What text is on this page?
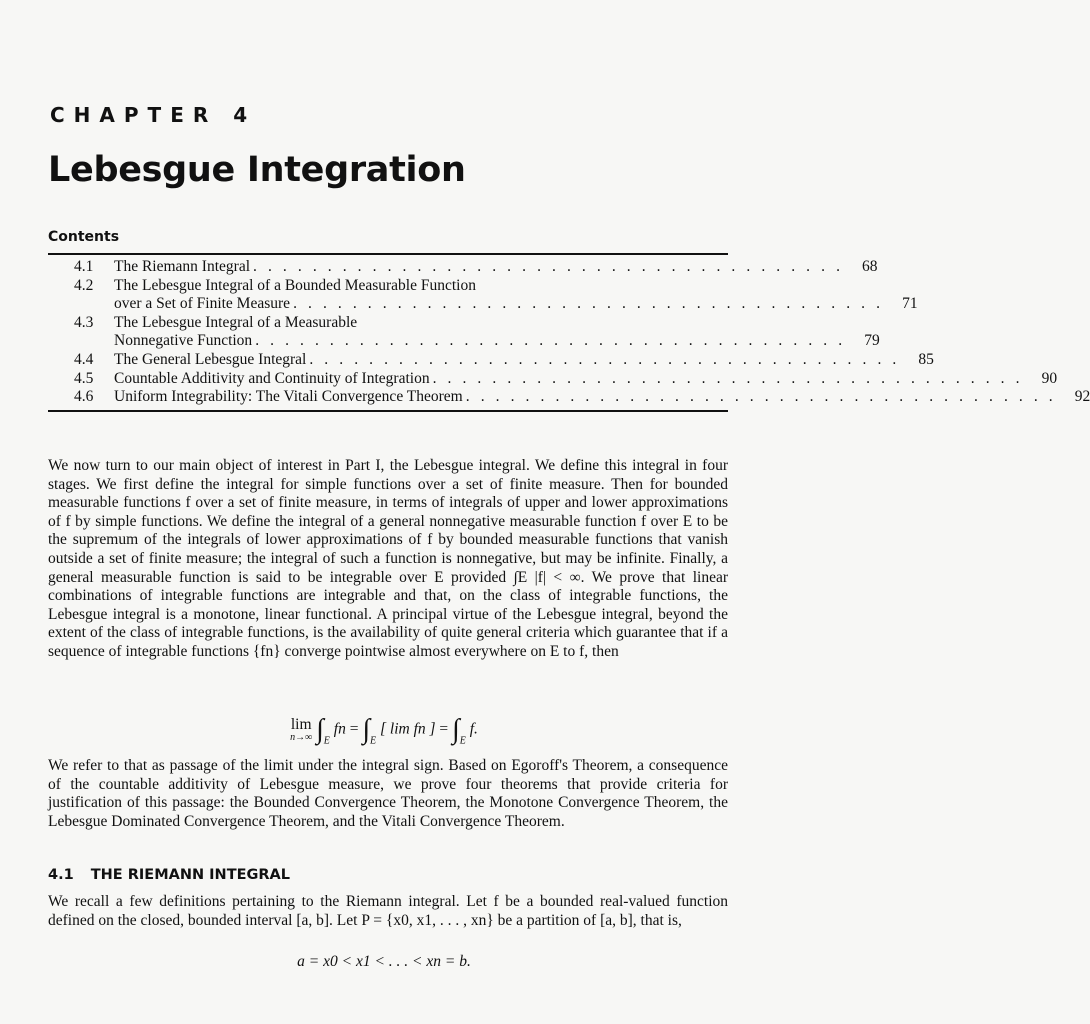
CHAPTER 4
Lebesgue Integration
Contents
4.1	The Riemann Integral . . . . . . . . . . . . . . . . . . . . . . . . . . . . . . . . . . . . . . . .	68
4.2	The Lebesgue Integral of a Bounded Measurable Function
over a Set of Finite Measure . . . . . . . . . . . . . . . . . . . . . . . . . . . . . . . . . . . . . . . .	71
4.3	The Lebesgue Integral of a Measurable
Nonnegative Function . . . . . . . . . . . . . . . . . . . . . . . . . . . . . . . . . . . . . . . .	79
4.4	The General Lebesgue Integral . . . . . . . . . . . . . . . . . . . . . . . . . . . . . . . . . . . . . . . .	85
4.5	Countable Additivity and Continuity of Integration . . . . . . . . . . . . . . . . . . . . . . . . . . . . . . . . . . . . . . . .	90
4.6	Uniform Integrability: The Vitali Convergence Theorem . . . . . . . . . . . . . . . . . . . . . . . . . . . . . . . . . . . . . . . .	92

We now turn to our main object of interest in Part I, the Lebesgue integral. We define this integral in four stages. We first define the integral for simple functions over a set of finite measure. Then for bounded measurable functions f over a set of finite measure, in terms of integrals of upper and lower approximations of f by simple functions. We define the integral of a general nonnegative measurable function f over E to be the supremum of the integrals of lower approximations of f by bounded measurable functions that vanish outside a set of finite measure; the integral of such a function is nonnegative, but may be infinite. Finally, a general measurable function is said to be integrable over E provided ∫E |f| < ∞. We prove that linear combinations of integrable functions are integrable and that, on the class of integrable functions, the Lebesgue integral is a monotone, linear functional. A principal virtue of the Lebesgue integral, beyond the extent of the class of integrable functions, is the availability of quite general criteria which guarantee that if a sequence of integrable functions {fn} converge pointwise almost everywhere on E to f, then

lim
n→∞ $\int_E$ fn = $\int_E$ [ lim fn ] = $\int_E$ f.

We refer to that as passage of the limit under the integral sign. Based on Egoroff's Theorem, a consequence of the countable additivity of Lebesgue measure, we prove four theorems that provide criteria for justification of this passage: the Bounded Convergence Theorem, the Monotone Convergence Theorem, the Lebesgue Dominated Convergence Theorem, and the Vitali Convergence Theorem.

4.1 THE RIEMANN INTEGRAL

We recall a few definitions pertaining to the Riemann integral. Let f be a bounded real-valued function defined on the closed, bounded interval [a, b]. Let P = {x0, x1, . . . , xn} be a partition of [a, b], that is,

a = x0 < x1 < . . . < xn = b.
